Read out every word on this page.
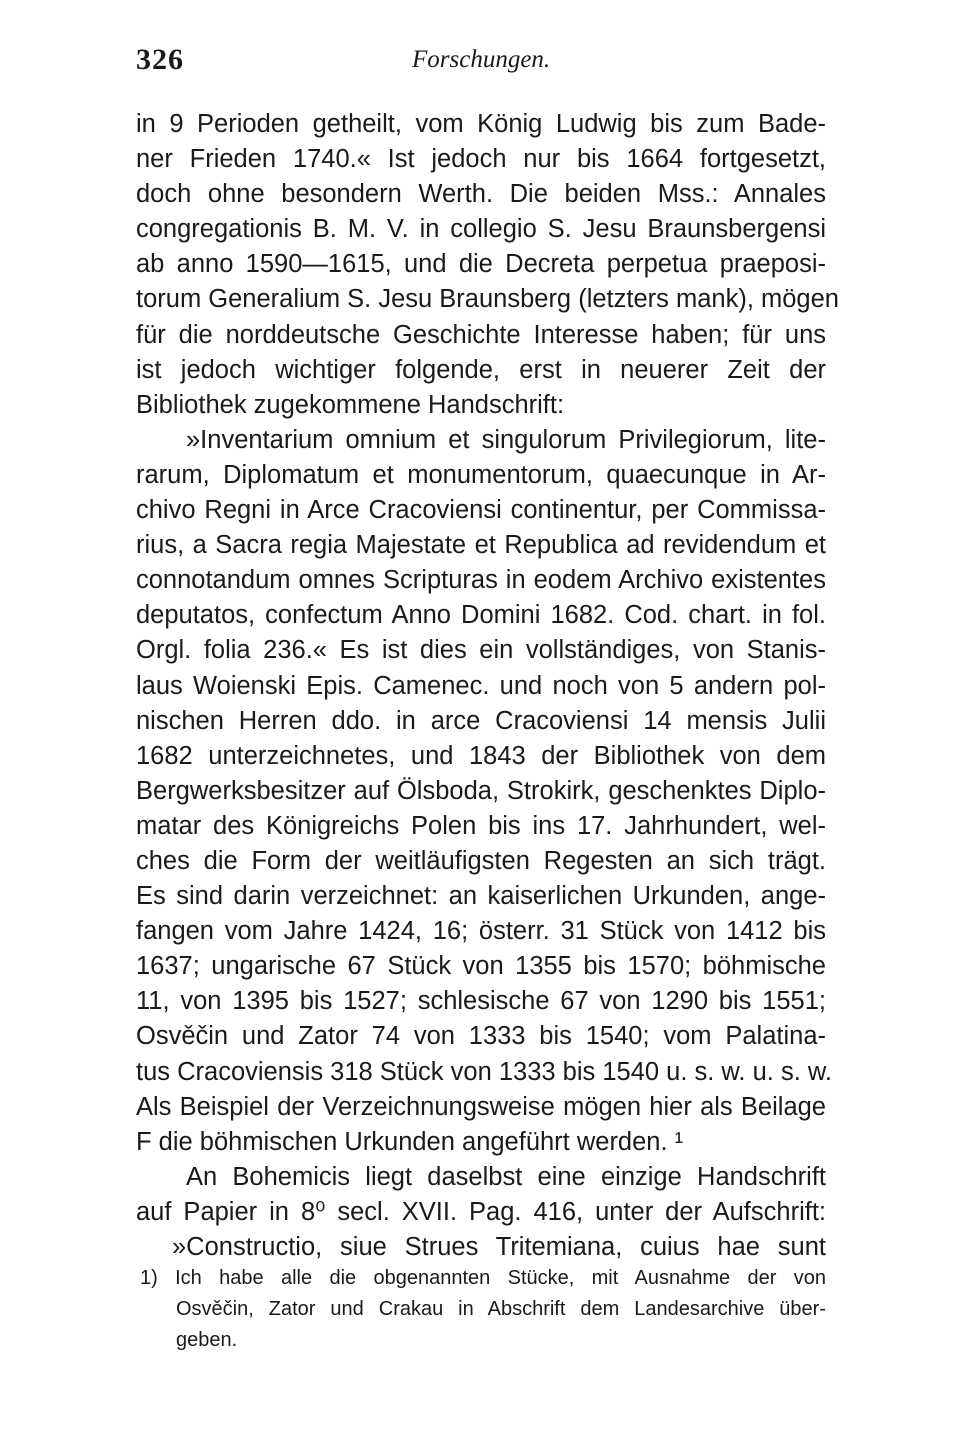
326	Forschungen.
in 9 Perioden getheilt, vom König Ludwig bis zum Bade-
ner Frieden 1740.« Ist jedoch nur bis 1664 fortgesetzt,
doch ohne besondern Werth. Die beiden Mss.: Annales
congregationis B. M. V. in collegio S. Jesu Braunsbergensi
ab anno 1590—1615, und die Decreta perpetua praeposi-
torum Generalium S. Jesu Braunsberg (letzters mank), mögen
für die norddeutsche Geschichte Interesse haben; für uns
ist jedoch wichtiger folgende, erst in neuerer Zeit der
Bibliothek zugekommene Handschrift:
»Inventarium omnium et singulorum Privilegiorum, lite-
rarum, Diplomatum et monumentorum, quaecunque in Ar-
chivo Regni in Arce Cracoviensi continentur, per Commissa-
rius, a Sacra regia Majestate et Republica ad revidendum et
connotandum omnes Scripturas in eodem Archivo existentes
deputatos, confectum Anno Domini 1682. Cod. chart. in fol.
Orgl. folia 236.« Es ist dies ein vollständiges, von Stanis-
laus Woienski Epis. Camenec. und noch von 5 andern pol-
nischen Herren ddo. in arce Cracoviensi 14 mensis Julii
1682 unterzeichnetes, und 1843 der Bibliothek von dem
Bergwerksbesitzer auf Ölsboda, Strokirk, geschenktes Diplo-
matar des Königreichs Polen bis ins 17. Jahrhundert, wel-
ches die Form der weitläufigsten Regesten an sich trägt.
Es sind darin verzeichnet: an kaiserlichen Urkunden, ange-
fangen vom Jahre 1424, 16; österr. 31 Stück von 1412 bis
1637; ungarische 67 Stück von 1355 bis 1570; böhmische
11, von 1395 bis 1527; schlesische 67 von 1290 bis 1551;
Osvěčin und Zator 74 von 1333 bis 1540; vom Palatina-
tus Cracoviensis 318 Stück von 1333 bis 1540 u. s. w. u. s. w.
Als Beispiel der Verzeichnungsweise mögen hier als Beilage
F die böhmischen Urkunden angeführt werden. ¹
An Bohemicis liegt daselbst eine einzige Handschrift
auf Papier in 8⁰ secl. XVII. Pag. 416, unter der Aufschrift:
»Constructio, siue Strues Tritemiana, cuius hae sunt
1) Ich habe alle die obgenannten Stücke, mit Ausnahme der von
Osvěčin, Zator und Crakau in Abschrift dem Landesarchive über-
geben.
